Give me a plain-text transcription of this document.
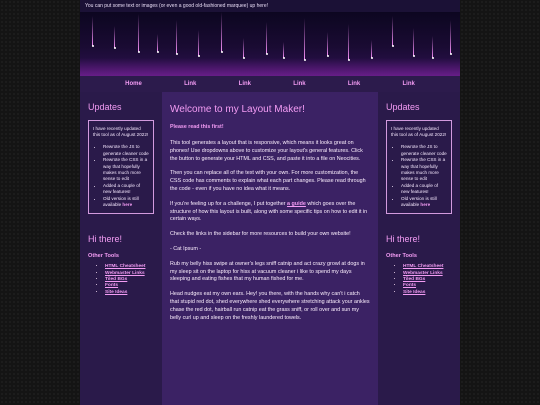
You can put some text or images (or even a good old-fashioned marquee) up here!
Home	Link	Link	Link	Link	Link
Updates

I have recently updated this tool as of August 2022!

• Rewrote the JS to generate cleaner code
• Rewrote the CSS in a way that hopefully makes much more sense to edit
• Added a couple of new features!
• Old version is still available here
Hi there!
Other Tools
• HTML Cheatsheet
• Webmaster Links
• Tiled BGs
• Fonts
• Site Ideas
Welcome to my Layout Maker!
Please read this first!

This tool generates a layout that is responsive, which means it looks great on phones! Use dropdowns above to customize your layout's general features. Click the button to generate your HTML and CSS, and paste it into a file on Neocities.

Then you can replace all of the text with your own. For more customization, the CSS code has comments to explain what each part changes. Please read through the code - even if you have no idea what it means.

If you're feeling up for a challenge, I put together a guide which goes over the structure of how this layout is built, along with some specific tips on how to edit it in certain ways.

Check the links in the sidebar for more resources to build your own website!

- Cat Ipsum -

Rub my belly hiss swipe at owner's legs sniff catnip and act crazy growl at dogs in my sleep sit on the laptop for hiss at vacuum cleaner i like to spend my days sleeping and eating fishes that my human fished for me.

Head nudges eat my own ears. Hey! you there, with the hands why can't i catch that stupid red dot, shed everywhere shed everywhere stretching attack your ankles chase the red dot, hairball run catnip eat the grass sniff, or roll over and sun my belly curl up and sleep on the freshly laundered towels.

Updates

I have recently updated this tool as of August 2022!

• Rewrote the JS to generate cleaner code
• Rewrote the CSS in a way that hopefully makes much more sense to edit
• Added a couple of new features!
• Old version is still available here
Hi there!
Other Tools
• HTML Cheatsheet
• Webmaster Links
• Tiled BGs
• Fonts
• Site Ideas
